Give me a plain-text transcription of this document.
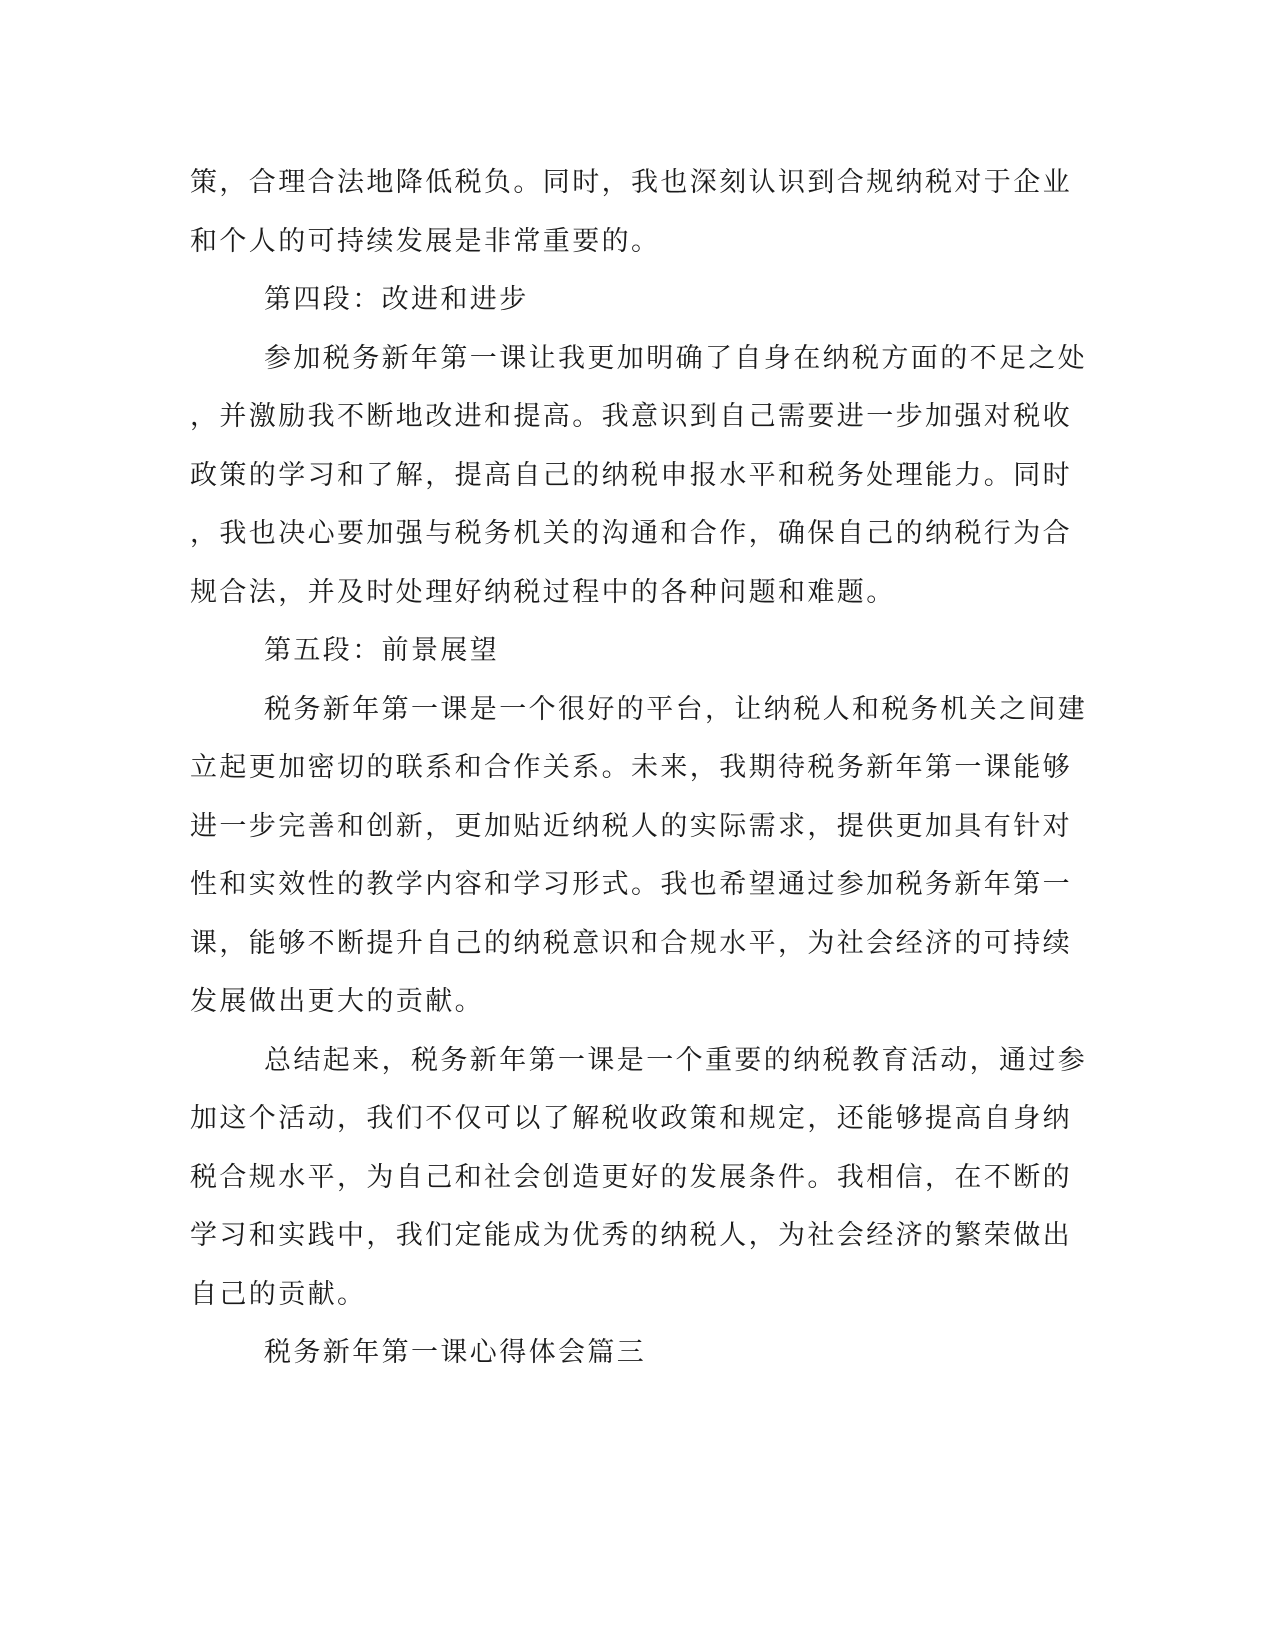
策，合理合法地降低税负。同时，我也深刻认识到合规纳税对于企业
和个人的可持续发展是非常重要的。
第四段：改进和进步
参加税务新年第一课让我更加明确了自身在纳税方面的不足之处
，并激励我不断地改进和提高。我意识到自己需要进一步加强对税收
政策的学习和了解，提高自己的纳税申报水平和税务处理能力。同时
，我也决心要加强与税务机关的沟通和合作，确保自己的纳税行为合
规合法，并及时处理好纳税过程中的各种问题和难题。
第五段：前景展望
税务新年第一课是一个很好的平台，让纳税人和税务机关之间建
立起更加密切的联系和合作关系。未来，我期待税务新年第一课能够
进一步完善和创新，更加贴近纳税人的实际需求，提供更加具有针对
性和实效性的教学内容和学习形式。我也希望通过参加税务新年第一
课，能够不断提升自己的纳税意识和合规水平，为社会经济的可持续
发展做出更大的贡献。
总结起来，税务新年第一课是一个重要的纳税教育活动，通过参
加这个活动，我们不仅可以了解税收政策和规定，还能够提高自身纳
税合规水平，为自己和社会创造更好的发展条件。我相信，在不断的
学习和实践中，我们定能成为优秀的纳税人，为社会经济的繁荣做出
自己的贡献。
税务新年第一课心得体会篇三
